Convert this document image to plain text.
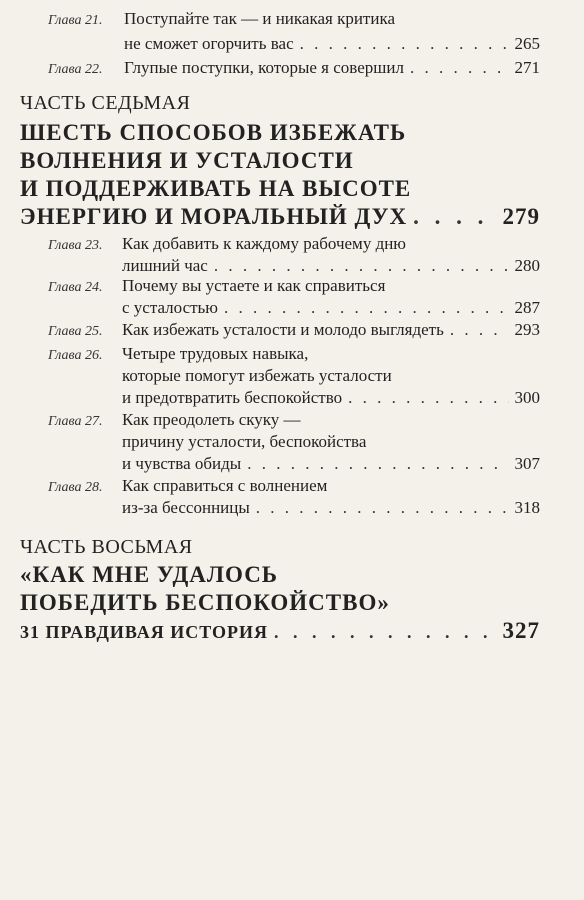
Глава 21. Поступайте так — и никакая критика
не сможет огорчить вас . . .	265
Глава 22. Глупые поступки, которые я совершил . . .	271
ЧАСТЬ СЕДЬМАЯ
ШЕСТЬ СПОСОБОВ ИЗБЕЖАТЬ
ВОЛНЕНИЯ И УСТАЛОСТИ
И ПОДДЕРЖИВАТЬ НА ВЫСОТЕ
ЭНЕРГИЮ И МОРАЛЬНЫЙ ДУХ . . .	279
Глава 23. Как добавить к каждому рабочему дню
лишний час . . .	280
Глава 24. Почему вы устаете и как справиться
с усталостью . . .	287
Глава 25. Как избежать усталости и молодо выглядеть . . .	293
Глава 26. Четыре трудовых навыка,
которые помогут избежать усталости
и предотвратить беспокойство . . .	300
Глава 27. Как преодолеть скуку —
причину усталости, беспокойства
и чувства обиды . . .	307
Глава 28. Как справиться с волнением
из-за бессонницы . . .	318
ЧАСТЬ ВОСЬМАЯ
«КАК МНЕ УДАЛОСЬ
ПОБЕДИТЬ БЕСПОКОЙСТВО»
31 ПРАВДИВАЯ ИСТОРИЯ . . .	327
